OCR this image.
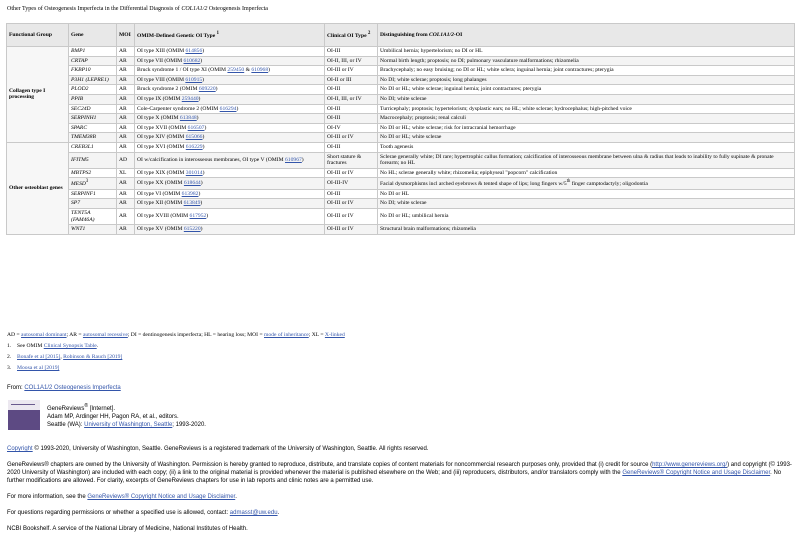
Other Types of Osteogenesis Imperfecta in the Differential Diagnosis of COL1A1/2 Osteogenesis Imperfecta
Functional Group	Gene	MOI	OMIM-Defined Genetic OI Type $^1$	Clinical OI Type $^2$	Distinguishing from COL1A1/2-OI
Collagen type I processing	BMP1	AR	OI type XIII (OMIM 614856)	OI-III	Umbilical hernia; hypertelorism; no DI or HL
	CRTAP	AR	OI type VII (OMIM 610682)	OI-II, III, or IV	Normal birth length; proptosis; no DI; pulmonary vasculature malformations; rhizomelia
	FKBP10	AR	Bruck syndrome 1 / OI type XI (OMIM 259450 & 610968)	OI-III or IV	Brachycephaly; no easy bruising; no DI or HL; white sclera; inguinal hernia; joint contractures; pterygia
	P3H1 (LEPRE1)	AR	OI type VIII (OMIM 610915)	OI-II or III	No DI; white sclerae; proptosis; long phalanges
	PLOD2	AR	Bruck syndrome 2 (OMIM 609220)	OI-III	No DI or HL; white sclerae; inguinal hernia; joint contractures; pterygia
	PPIB	AR	OI type IX (OMIM 259440)	OI-II, III, or IV	No DI; white sclerae
	SEC24D	AR	Cole-Carpenter syndrome 2 (OMIM 616294)	OI-III	Turricephaly; proptosis; hypertelorism; dysplastic ears; no HL; white sclerae; hydrocephalus; high-pitched voice
	SERPINH1	AR	OI type X (OMIM 613848)	OI-III	Macrocephaly; proptosis; renal calculi
	SPARC	AR	OI type XVII (OMIM 616507)	OI-IV	No DI or HL; white sclerae; risk for intracranial hemorrhage
	TMEM38B	AR	OI type XIV (OMIM 615066)	OI-III or IV	No DI or HL; white sclerae
Other osteoblast genes	CREB3L1	AR	OI type XVI (OMIM 616229)	OI-III	Tooth agenesis
	IFITM5	AD	OI w/calcification in interosseous membranes, OI type V (OMIM 610967)	Short stature & fractures	Sclerae generally white; DI rare; hypertrophic callus formation; calcification of interosseous membrane between ulna & radius that leads to inability to fully supinate & pronate forearm; no HL
	MBTPS2	XL	OI type XIX (OMIM 301014)	OI-III or IV	No HL; sclerae generally white; rhizomelia; epiphyseal "popcorn" calcification
	MESD$^3$	AR	OI type XX (OMIM 618644)	OI-III-IV	Facial dysmorphisms incl arched eyebrows & tented shape of lips; long fingers w/5th finger camptodactyly; oligodontia
	SERPINF1	AR	OI type VI (OMIM 613982)	OI-III	No DI or HL
	SP7	AR	OI type XII (OMIM 613849)	OI-III or IV	No DI; white sclerae
	TENT5A (FAM46A)	AR	OI type XVIII (OMIM 617952)	OI-III or IV	No DI or HL; umbilical hernia
	WNT1	AR	OI type XV (OMIM 615220)	OI-III or IV	Structural brain malformations; rhizomelia
AD = autosomal dominant; AR = autosomal recessive; DI = dentinogenesis imperfecta; HL = hearing loss; MOI = mode of inheritance; XL = X-linked
1. See OMIM Clinical Synopsis Table.
2. Bonafe et al [2015], Robinson & Rauch [2019]
3. Moosa et al [2019]
From: COL1A1/2 Osteogenesis Imperfecta
GeneReviews® [Internet].
Adam MP, Ardinger HH, Pagon RA, et al., editors.
Seattle (WA): University of Washington, Seattle; 1993-2020.

Copyright © 1993-2020, University of Washington, Seattle. GeneReviews is a registered trademark of the University of Washington, Seattle. All rights reserved.

GeneReviews® chapters are owned by the University of Washington. Permission is hereby granted to reproduce, distribute, and translate copies of content materials for noncommercial research purposes only, provided that (i) credit for source (http://www.genereviews.org/) and copyright (© 1993-2020 University of Washington) are included with each copy; (ii) a link to the original material is provided whenever the material is published elsewhere on the Web; and (iii) reproducers, distributors, and/or translators comply with the GeneReviews® Copyright Notice and Usage Disclaimer. No further modifications are allowed. For clarity, excerpts of GeneReviews chapters for use in lab reports and clinic notes are a permitted use.

For more information, see the GeneReviews® Copyright Notice and Usage Disclaimer.

For questions regarding permissions or whether a specified use is allowed, contact: admasst@uw.edu.

NCBI Bookshelf. A service of the National Library of Medicine, National Institutes of Health.
